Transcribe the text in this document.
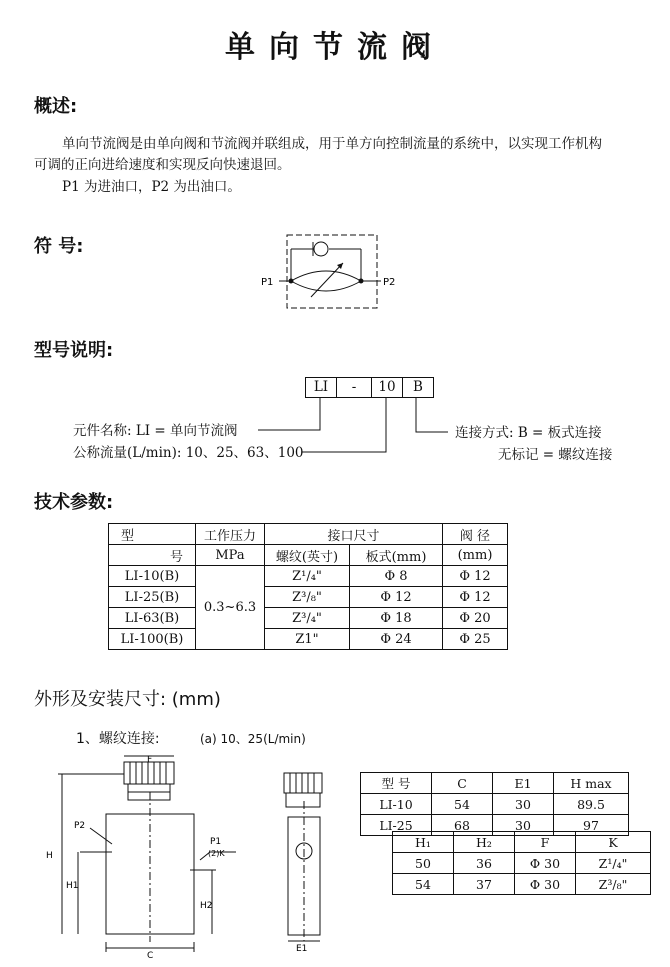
单向节流阀
概述:
单向节流阀是由单向阀和节流阀并联组成，用于单方向控制流量的系统中，以实现工作机构
可调的正向进给速度和实现反向快速退回。
P1 为进油口，P2 为出油口。
符 号:
P1	P2
型号说明:
LI	-	10	B
元件名称: LI = 单向节流阀
公称流量(L/min): 10、25、63、100
连接方式: B = 板式连接
无标记 = 螺纹连接
技术参数:
型	工作压力	接口尺寸		阀 径
号	MPa	螺纹(英寸)	板式(mm)	(mm)
LI-10(B)	0.3~6.3	Z¹/₄"	Φ 8	Φ 12
LI-25(B)		Z³/₈"	Φ 12	Φ 12
LI-63(B)		Z³/₄"	Φ 18	Φ 20
LI-100(B)		Z1"	Φ 24	Φ 25
外形及安装尺寸: (mm)
1、螺纹连接:	(a) 10、25(L/min)
F
P2
P1
(2)K
H
H1
H2
C
E1
型 号	C	E1	H max
LI-10	54	30	89.5
LI-25	68	30	97
H₁	H₂	F	K
50	36	Φ 30	Z¹/₄"
54	37	Φ 30	Z³/₈"
